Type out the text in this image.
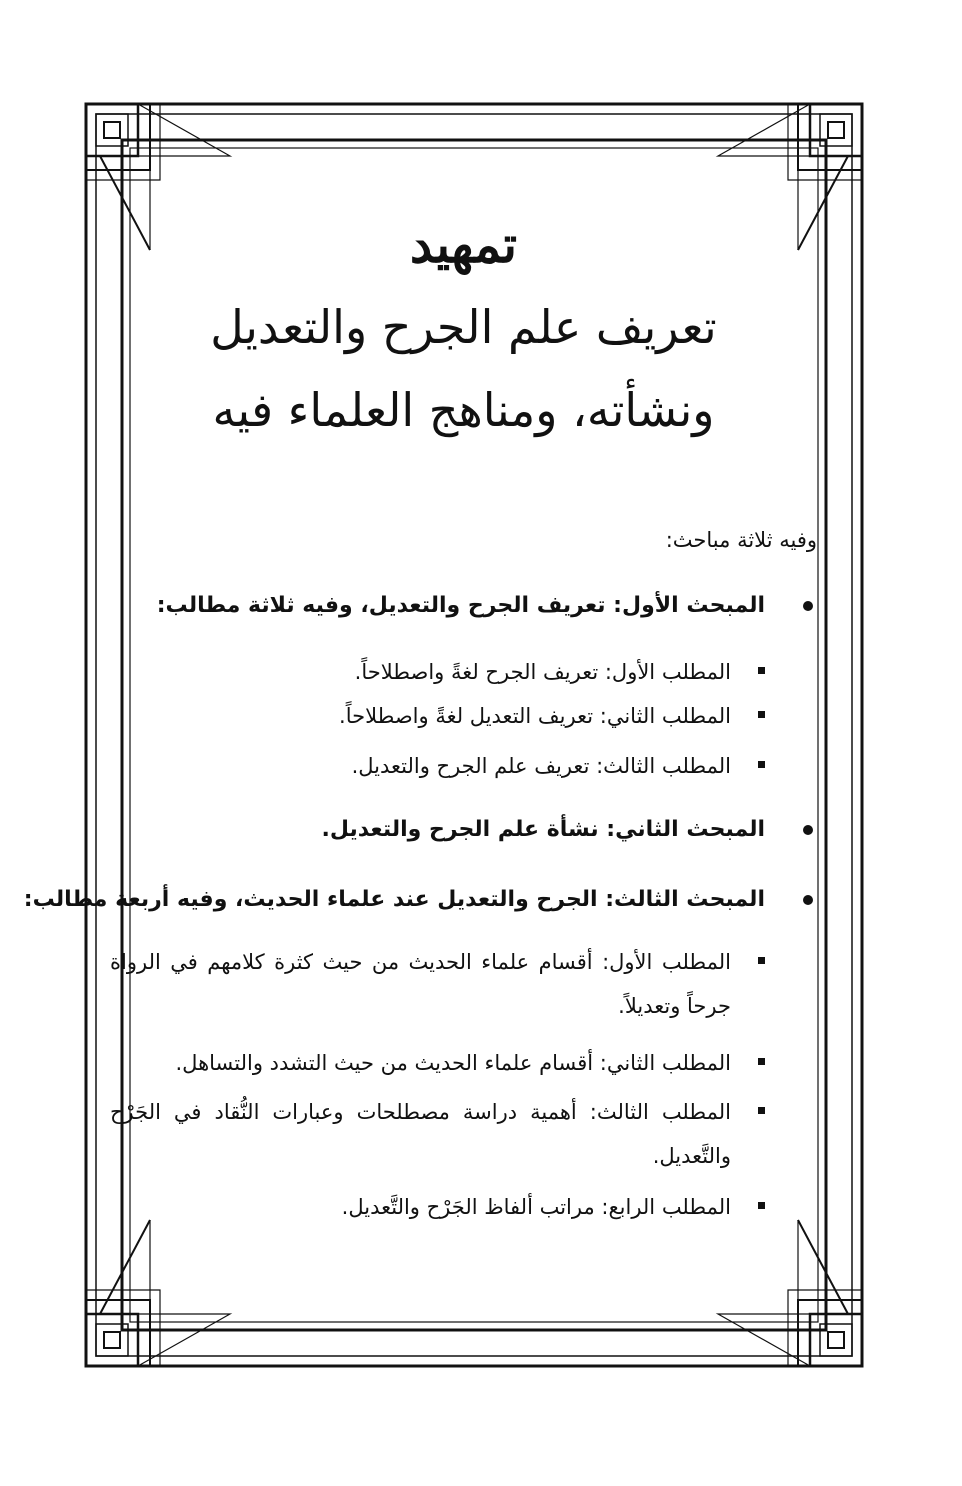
تمهيد
تعريف علم الجرح والتعديل
ونشأته، ومناهج العلماء فيه
وفيه ثلاثة مباحث:
المبحث الأول: تعريف الجرح والتعديل، وفيه ثلاثة مطالب:
المطلب الأول: تعريف الجرح لغةً واصطلاحاً.
المطلب الثاني: تعريف التعديل لغةً واصطلاحاً.
المطلب الثالث: تعريف علم الجرح والتعديل.
المبحث الثاني: نشأة علم الجرح والتعديل.
المبحث الثالث: الجرح والتعديل عند علماء الحديث، وفيه أربعة مطالب:
المطلب الأول: أقسام علماء الحديث من حيث كثرة كلامهم في الرواة جرحاً وتعديلاً.
المطلب الثاني: أقسام علماء الحديث من حيث التشدد والتساهل.
المطلب الثالث: أهمية دراسة مصطلحات وعبارات النُّقاد في الجَرْح والتَّعديل.
المطلب الرابع: مراتب ألفاظ الجَرْح والتَّعديل.
